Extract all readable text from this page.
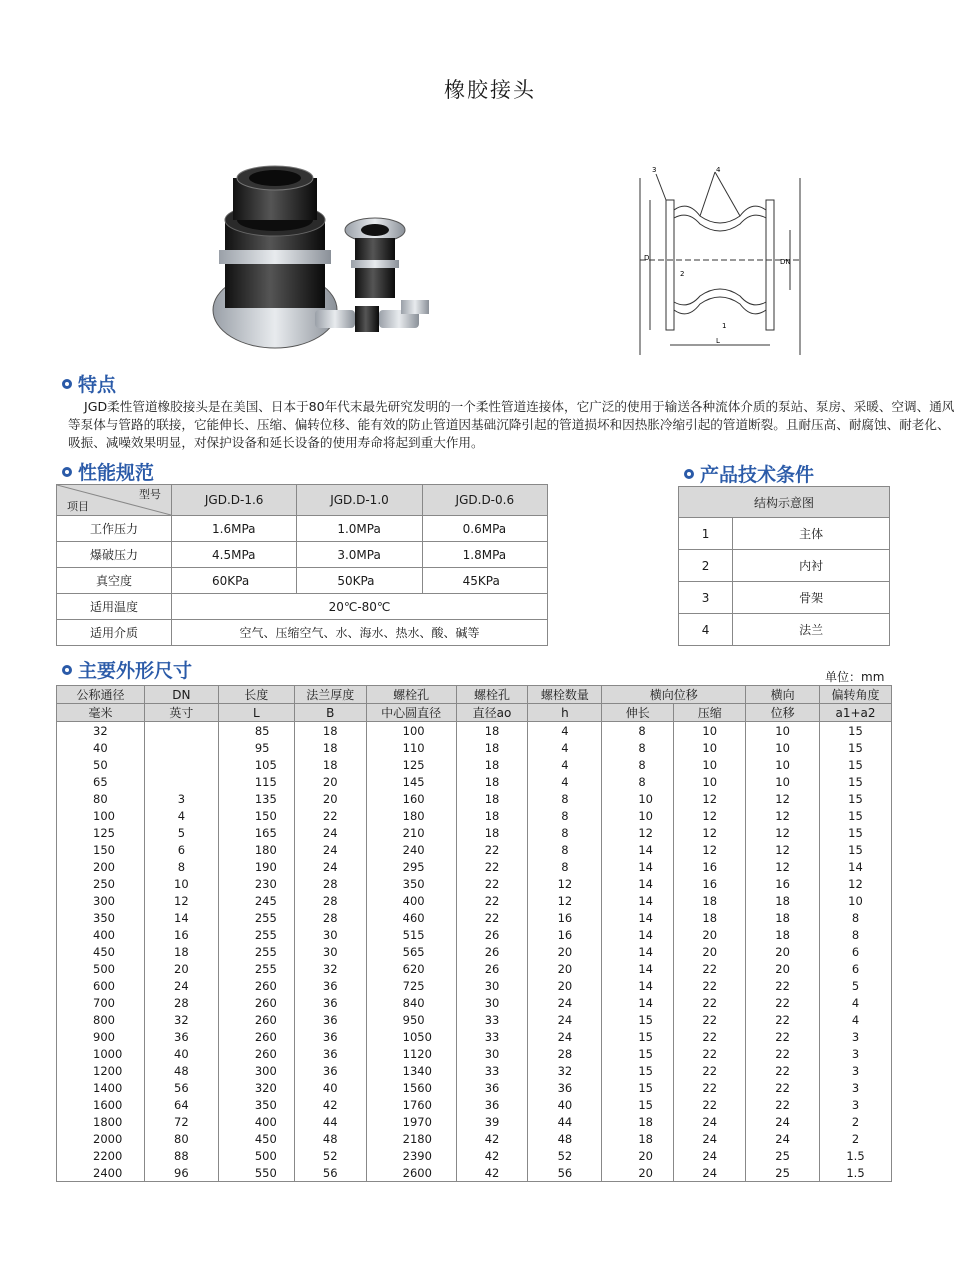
橡胶接头
3	4
D	DN
2
1
L
特点
JGD柔性管道橡胶接头是在美国、日本于80年代末最先研究发明的一个柔性管道连接体，它广泛的使用于输送各种流体介质的泵站、泵房、采暖、空调、通风等泵体与管路的联接，它能伸长、压缩、偏转位移、能有效的防止管道因基础沉降引起的管道损坏和因热胀冷缩引起的管道断裂。且耐压高、耐腐蚀、耐老化、吸振、减噪效果明显，对保护设备和延长设备的使用寿命将起到重大作用。
性能规范
型号
项目	JGD.D-1.6	JGD.D-1.0	JGD.D-0.6
工作压力	1.6MPa	1.0MPa	0.6MPa
爆破压力	4.5MPa	3.0MPa	1.8MPa
真空度	60KPa	50KPa	45KPa
适用温度	20℃-80℃		
适用介质	空气、压缩空气、水、海水、热水、酸、碱等		
产品技术条件
结构示意图	
1	主体
2	内衬
3	骨架
4	法兰
主要外形尺寸	单位：mm
公称通径	DN	长度	法兰厚度	螺栓孔	螺栓孔	螺栓数量	横向位移		横向	偏转角度
毫米	英寸	L	B	中心圆直径	直径ao	h	伸长	压缩	位移	a1+a2
32		85	18	100	18	4	8	10	10	15
40		95	18	110	18	4	8	10	10	15
50		105	18	125	18	4	8	10	10	15
65		115	20	145	18	4	8	10	10	15
80	3	135	20	160	18	8	10	12	12	15
100	4	150	22	180	18	8	10	12	12	15
125	5	165	24	210	18	8	12	12	12	15
150	6	180	24	240	22	8	14	12	12	15
200	8	190	24	295	22	8	14	16	12	14
250	10	230	28	350	22	12	14	16	16	12
300	12	245	28	400	22	12	14	18	18	10
350	14	255	28	460	22	16	14	18	18	8
400	16	255	30	515	26	16	14	20	18	8
450	18	255	30	565	26	20	14	20	20	6
500	20	255	32	620	26	20	14	22	20	6
600	24	260	36	725	30	20	14	22	22	5
700	28	260	36	840	30	24	14	22	22	4
800	32	260	36	950	33	24	15	22	22	4
900	36	260	36	1050	33	24	15	22	22	3
1000	40	260	36	1120	30	28	15	22	22	3
1200	48	300	36	1340	33	32	15	22	22	3
1400	56	320	40	1560	36	36	15	22	22	3
1600	64	350	42	1760	36	40	15	22	22	3
1800	72	400	44	1970	39	44	18	24	24	2
2000	80	450	48	2180	42	48	18	24	24	2
2200	88	500	52	2390	42	52	20	24	25	1.5
2400	96	550	56	2600	42	56	20	24	25	1.5
